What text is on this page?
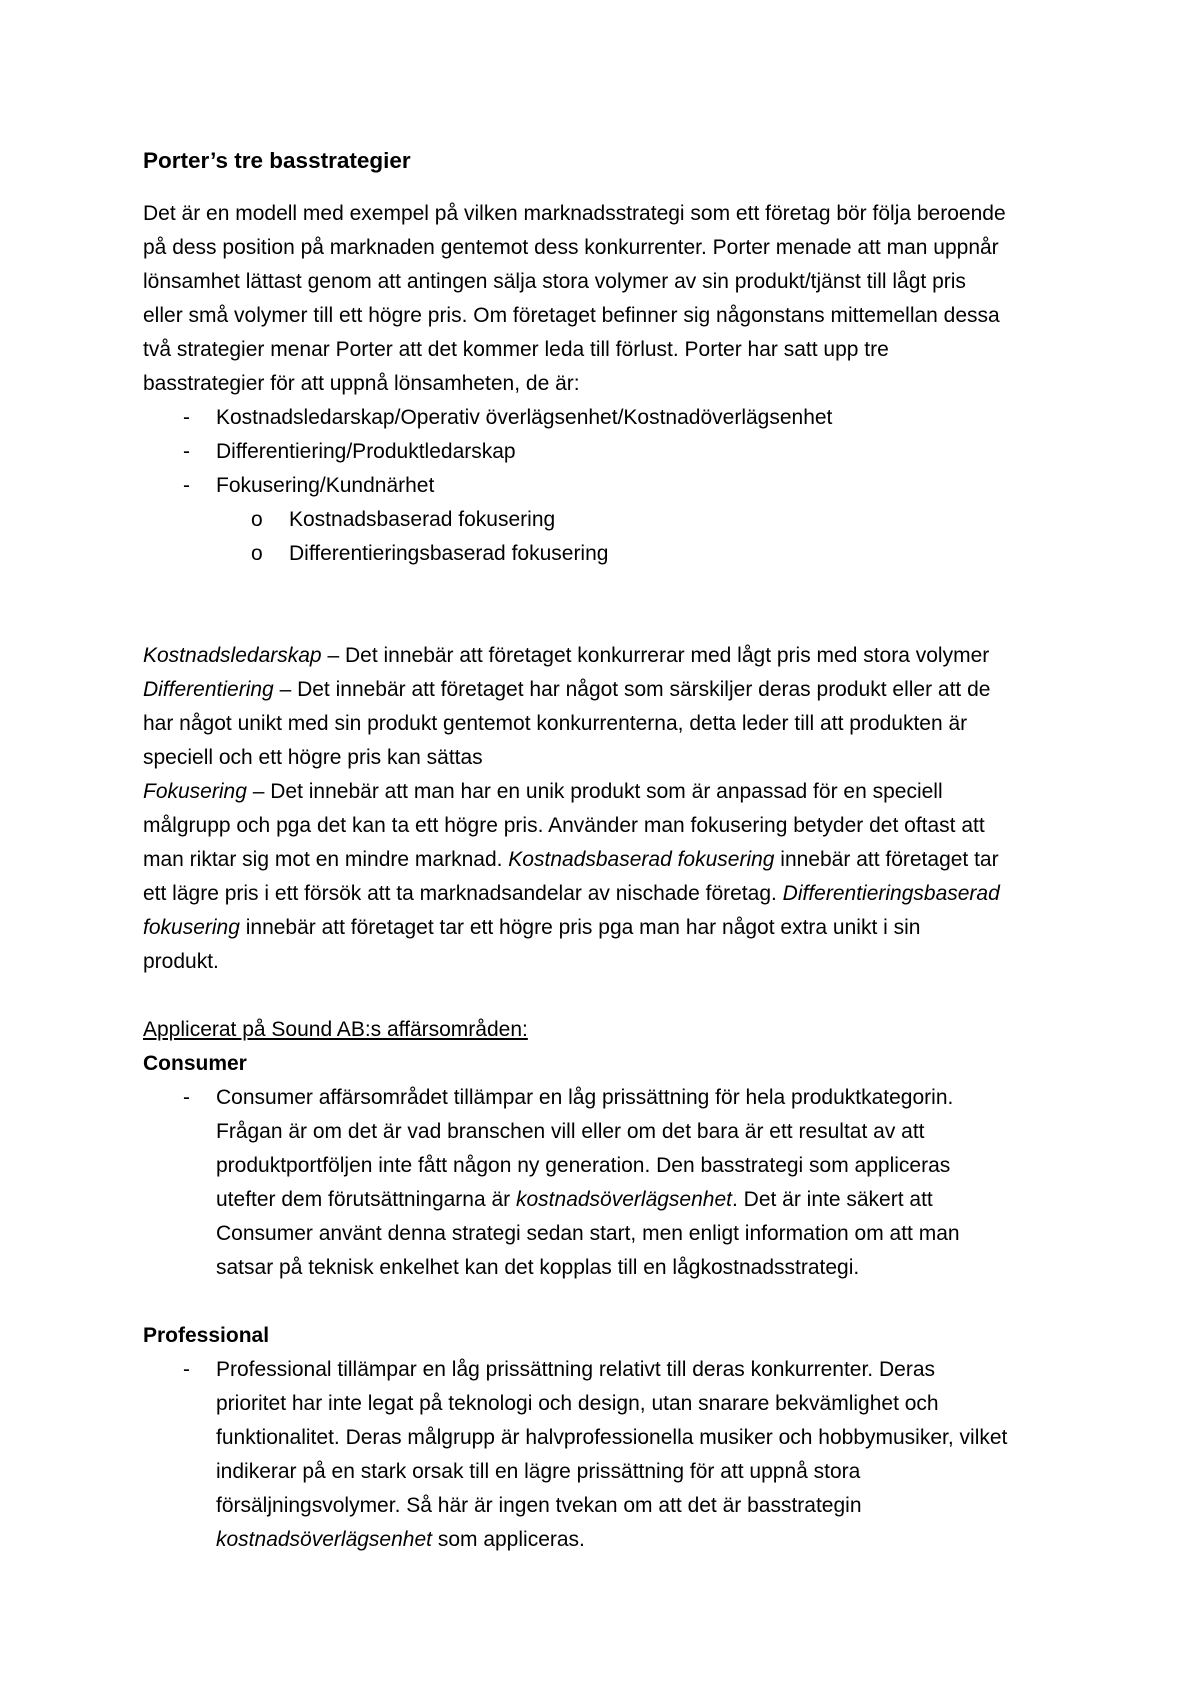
Porter’s tre basstrategier

Det är en modell med exempel på vilken marknadsstrategi som ett företag bör följa beroende
på dess position på marknaden gentemot dess konkurrenter. Porter menade att man uppnår
lönsamhet lättast genom att antingen sälja stora volymer av sin produkt/tjänst till lågt pris
eller små volymer till ett högre pris. Om företaget befinner sig någonstans mittemellan dessa
två strategier menar Porter att det kommer leda till förlust. Porter har satt upp tre
basstrategier för att uppnå lönsamheten, de är:

- Kostnadsledarskap/Operativ överlägsenhet/Kostnadöverlägsenhet
- Differentiering/Produktledarskap
- Fokusering/Kundnärhet
o Kostnadsbaserad fokusering
o Differentieringsbaserad fokusering

Kostnadsledarskap – Det innebär att företaget konkurrerar med lågt pris med stora volymer
Differentiering – Det innebär att företaget har något som särskiljer deras produkt eller att de
har något unikt med sin produkt gentemot konkurrenterna, detta leder till att produkten är
speciell och ett högre pris kan sättas
Fokusering – Det innebär att man har en unik produkt som är anpassad för en speciell
målgrupp och pga det kan ta ett högre pris. Använder man fokusering betyder det oftast att
man riktar sig mot en mindre marknad. Kostnadsbaserad fokusering innebär att företaget tar
ett lägre pris i ett försök att ta marknadsandelar av nischade företag. Differentieringsbaserad
fokusering innebär att företaget tar ett högre pris pga man har något extra unikt i sin
produkt.

Applicerat på Sound AB:s affärsområden:

Consumer

- Consumer affärsområdet tillämpar en låg prissättning för hela produktkategorin.
Frågan är om det är vad branschen vill eller om det bara är ett resultat av att
produktportföljen inte fått någon ny generation. Den basstrategi som appliceras
utefter dem förutsättningarna är kostnadsöverlägsenhet. Det är inte säkert att
Consumer använt denna strategi sedan start, men enligt information om att man
satsar på teknisk enkelhet kan det kopplas till en lågkostnadsstrategi.

Professional

- Professional tillämpar en låg prissättning relativt till deras konkurrenter. Deras
prioritet har inte legat på teknologi och design, utan snarare bekvämlighet och
funktionalitet. Deras målgrupp är halvprofessionella musiker och hobbymusiker, vilket
indikerar på en stark orsak till en lägre prissättning för att uppnå stora
försäljningsvolymer. Så här är ingen tvekan om att det är basstrategin
kostnadsöverlägsenhet som appliceras.
